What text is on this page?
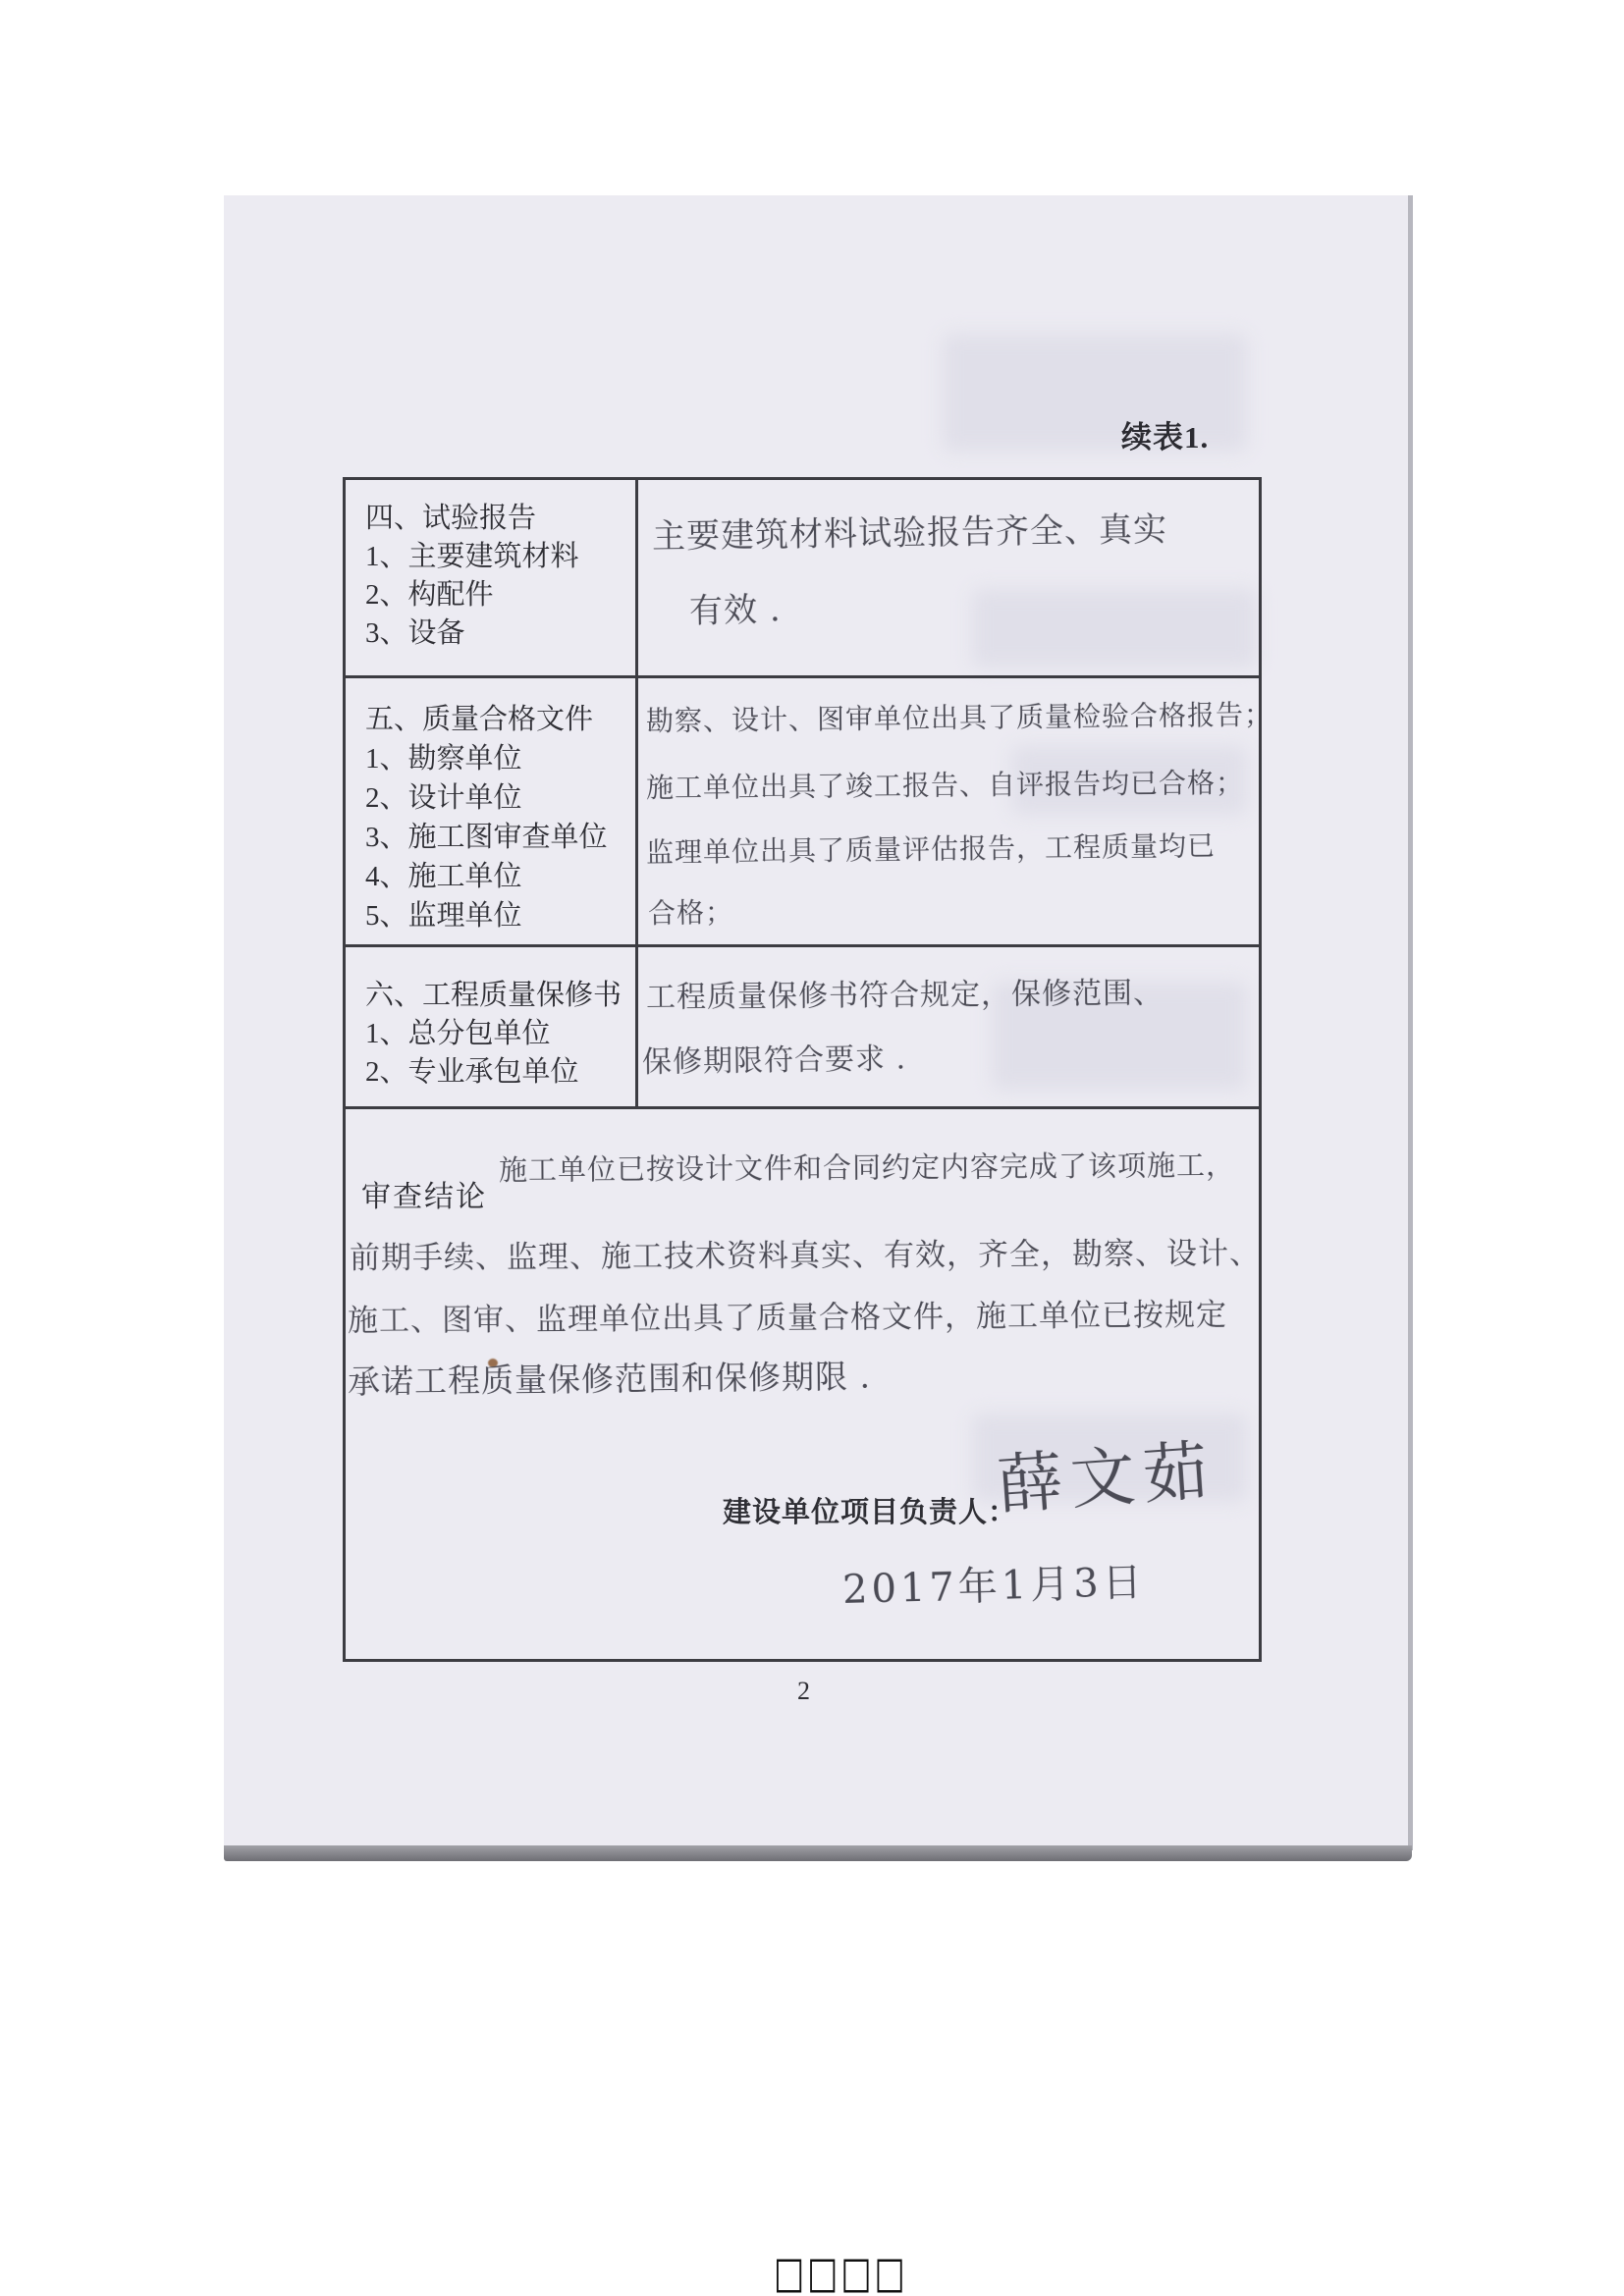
续表1.
四、试验报告
1、主要建筑材料
2、构配件
3、设备
主要建筑材料试验报告齐全、真实
有效 .
五、质量合格文件
1、勘察单位
2、设计单位
3、施工图审查单位
4、施工单位
5、监理单位
勘察、设计、图审单位出具了质量检验合格报告；
施工单位出具了竣工报告、自评报告均已合格；
监理单位出具了质量评估报告，工程质量均已
合格；
六、工程质量保修书
1、总分包单位
2、专业承包单位
工程质量保修书符合规定，保修范围、
保修期限符合要求 .
审查结论
施工单位已按设计文件和合同约定内容完成了该项施工，
前期手续、监理、施工技术资料真实、有效，齐全，勘察、设计、
施工、图审、监理单位出具了质量合格文件，施工单位已按规定
承诺工程质量保修范围和保修期限 .
建设单位项目负责人：
薛文茹
2017年1月3日
2
□□□□
